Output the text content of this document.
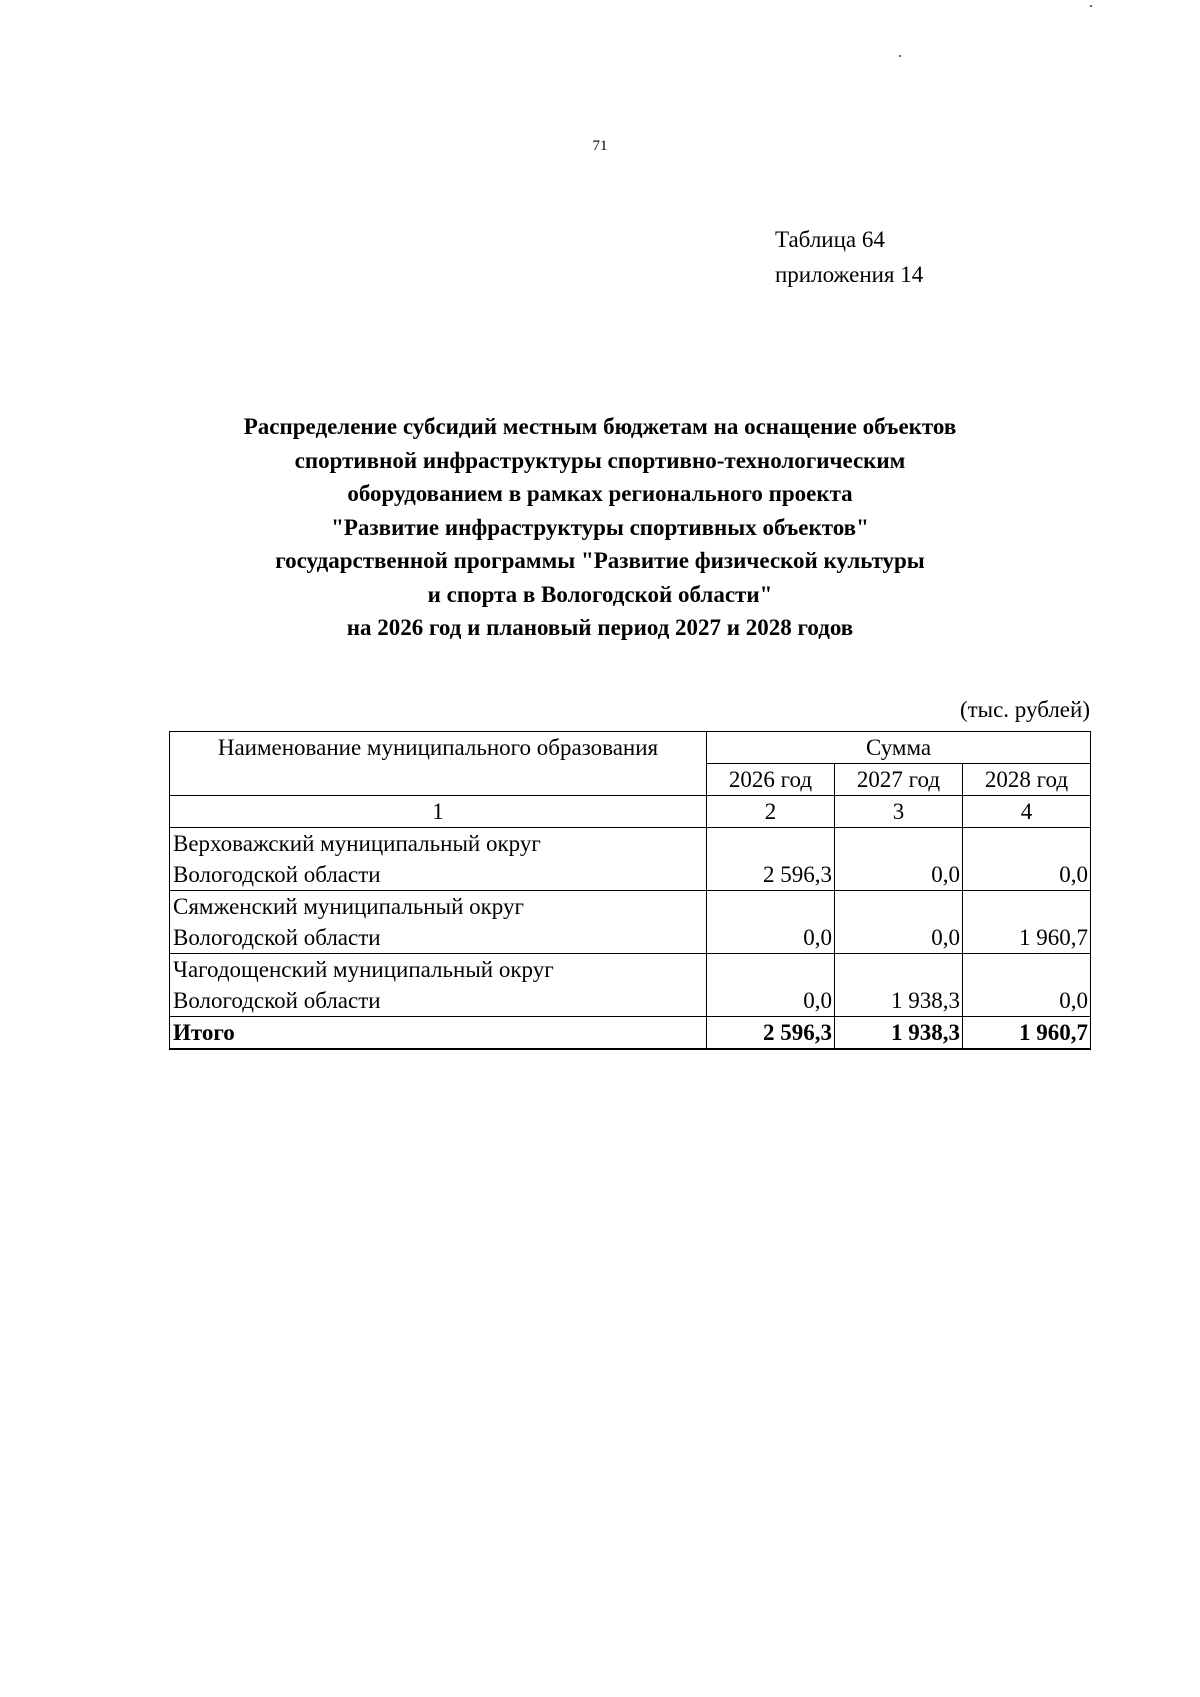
71
Таблица 64
приложения 14
Распределение субсидий местным бюджетам на оснащение объектов
спортивной инфраструктуры спортивно-технологическим
оборудованием в рамках регионального проекта
"Развитие инфраструктуры спортивных объектов"
государственной программы "Развитие физической культуры
и спорта в Вологодской области"
на 2026 год и плановый период 2027 и 2028 годов
(тыс. рублей)
Наименование муниципального образования	Сумма		
	2026 год	2027 год	2028 год
1	2	3	4

Верховажский муниципальный округ
Вологодской области	2 596,3	0,0	0,0

Сямженский муниципальный округ
Вологодской области	0,0	0,0	1 960,7

Чагодощенский муниципальный округ
Вологодской области	0,0	1 938,3	0,0
Итого	2 596,3	1 938,3	1 960,7
